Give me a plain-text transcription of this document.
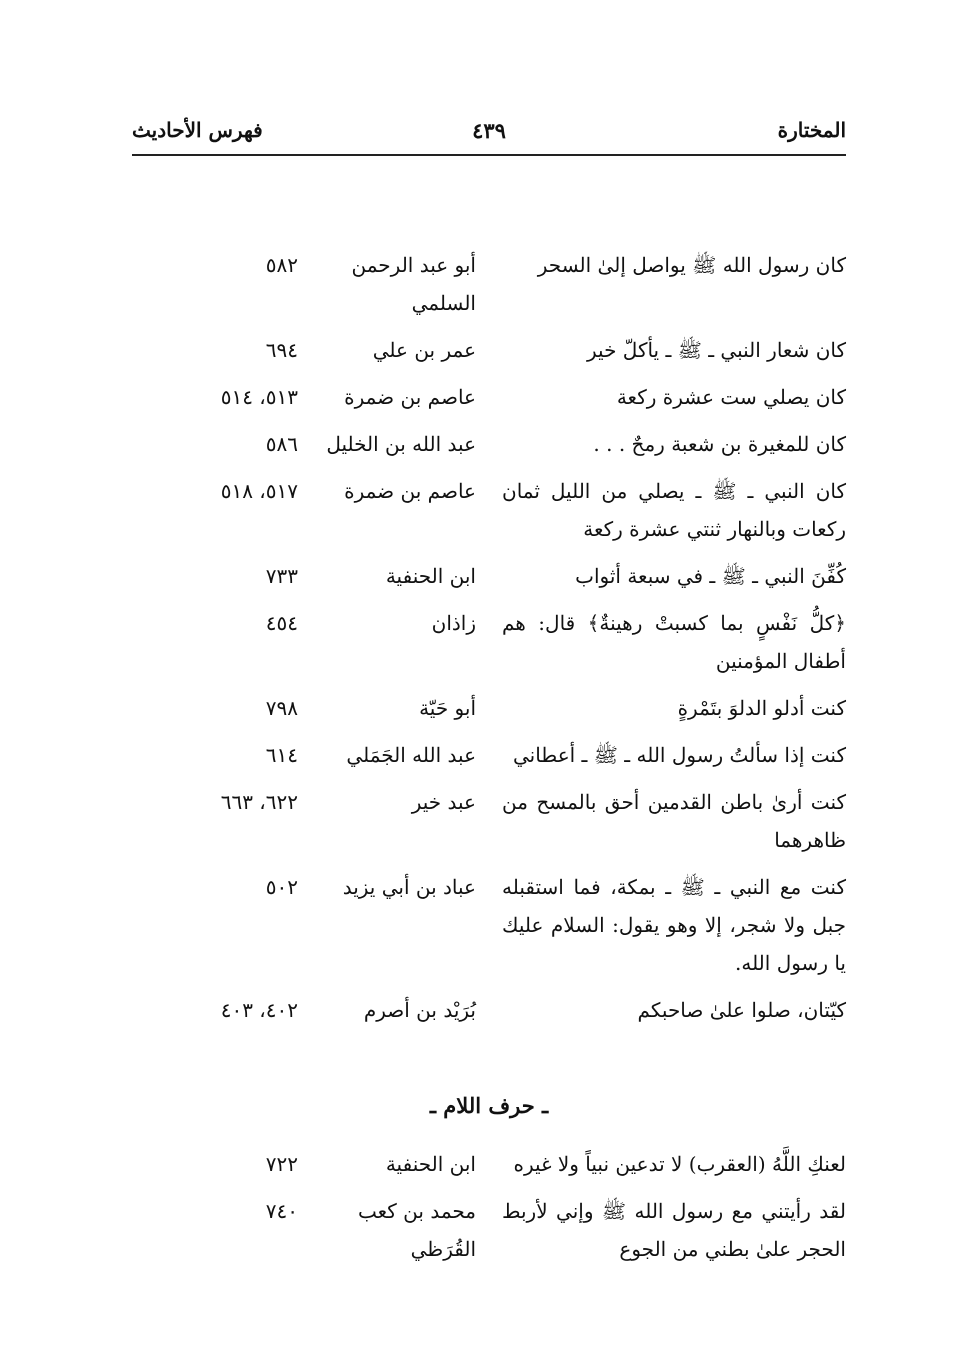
المختارة
٤٣٩
فهرس الأحاديث
كان رسول الله ﷺ يواصل إلىٰ السحر
أبو عبد الرحمن السلمي
٥٨٢
كان شعار النبي ـ ﷺ ـ يأكلّ خير
عمر بن علي
٦٩٤
كان يصلي ست عشرة ركعة
عاصم بن ضمرة
٥١٣، ٥١٤
كان للمغيرة بن شعبة رمحٌ . . .
عبد الله بن الخليل
٥٨٦
كان النبي ـ ﷺ ـ يصلي من الليل ثمان ركعات وبالنهار ثنتي عشرة ركعة
عاصم بن ضمرة
٥١٧، ٥١٨
كُفِّنَ النبي ـ ﷺ ـ في سبعة أثواب
ابن الحنفية
٧٣٣
﴿كلُّ نَفْسٍ بما كسبتْ رهينةٌ﴾ قال: هم أطفال المؤمنين
زاذان
٤٥٤
كنت أدلو الدلوَ بتَمْرةٍ
أبو حَيّة
٧٩٨
كنت إذا سألتُ رسول الله ـ ﷺ ـ أعطاني
عبد الله الجَمَلي
٦١٤
كنت أرىٰ باطن القدمين أحق بالمسح من ظاهرهما
عبد خير
٦٢٢، ٦٦٣
كنت مع النبي ـ ﷺ ـ بمكة، فما استقبله جبل ولا شجر، إلا وهو يقول: السلام عليك يا رسول الله.
عباد بن أبي يزيد
٥٠٢
كيّتان، صلوا علىٰ صاحبكم
بُرَيْد بن أصرم
٤٠٢، ٤٠٣
ـ حرف اللام ـ
لعنكِ اللَّهُ (العقرب) لا تدعين نبياً ولا غيره
ابن الحنفية
٧٢٢
لقد رأيتني مع رسول الله ﷺ وإني لأربط الحجر علىٰ بطني من الجوع
محمد بن كعب القُرَظي
٧٤٠
